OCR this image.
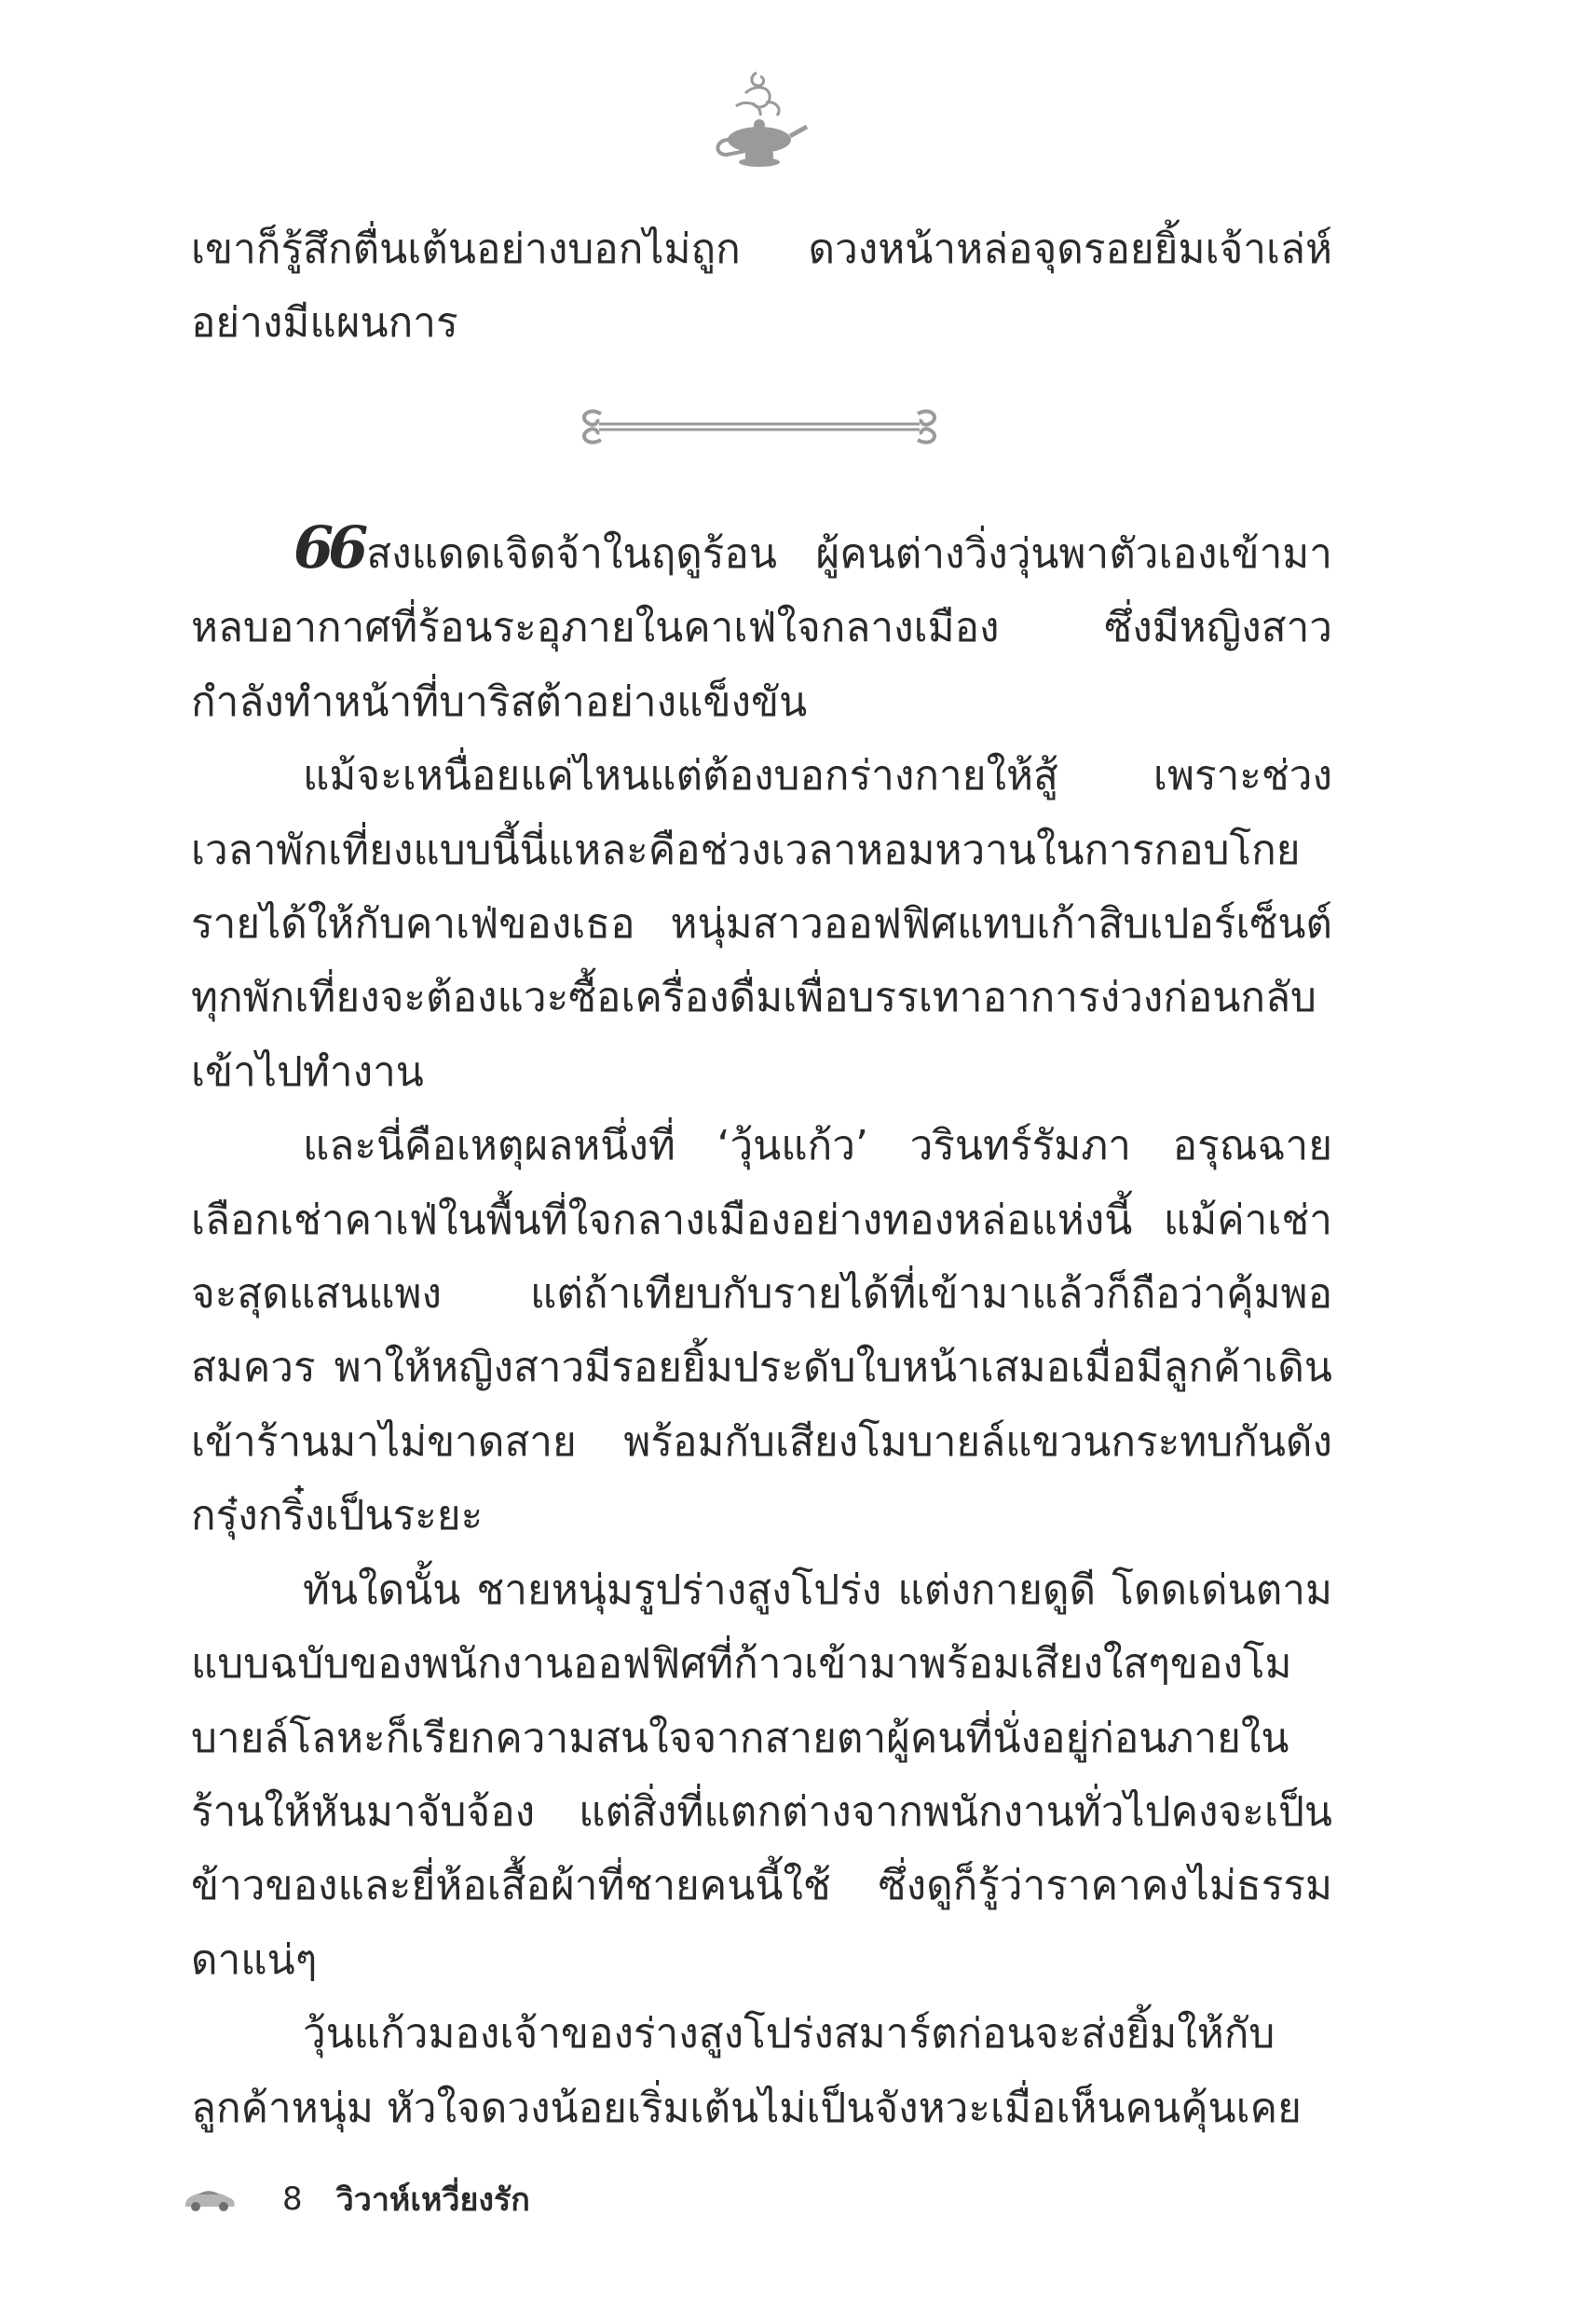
เขาก็รู้สึกตื่นเต้นอย่างบอกไม่ถูก ดวงหน้าหล่อจุดรอยยิ้มเจ้าเล่ห์อย่างมีแผนการ

66สงแดดเจิดจ้าในฤดูร้อน ผู้คนต่างวิ่งวุ่นพาตัวเองเข้ามาหลบอากาศที่ร้อนระอุภายในคาเฟ่ใจกลางเมือง ซึ่งมีหญิงสาวกำลังทำหน้าที่บาริสต้าอย่างแข็งขัน

แม้จะเหนื่อยแค่ไหนแต่ต้องบอกร่างกายให้สู้ เพราะช่วงเวลาพักเที่ยงแบบนี้นี่แหละคือช่วงเวลาหอมหวานในการกอบโกยรายได้ให้กับคาเฟ่ของเธอ หนุ่มสาวออฟฟิศแทบเก้าสิบเปอร์เซ็นต์ทุกพักเที่ยงจะต้องแวะซื้อเครื่องดื่มเพื่อบรรเทาอาการง่วงก่อนกลับเข้าไปทำงาน

และนี่คือเหตุผลหนึ่งที่ ‘วุ้นแก้ว’ วรินทร์รัมภา อรุณฉายเลือกเช่าคาเฟ่ในพื้นที่ใจกลางเมืองอย่างทองหล่อแห่งนี้ แม้ค่าเช่าจะสุดแสนแพง แต่ถ้าเทียบกับรายได้ที่เข้ามาแล้วก็ถือว่าคุ้มพอสมควร พาให้หญิงสาวมีรอยยิ้มประดับใบหน้าเสมอเมื่อมีลูกค้าเดินเข้าร้านมาไม่ขาดสาย พร้อมกับเสียงโมบายล์แขวนกระทบกันดังกรุ๋งกริ๋งเป็นระยะ

ทันใดนั้น ชายหนุ่มรูปร่างสูงโปร่ง แต่งกายดูดี โดดเด่นตามแบบฉบับของพนักงานออฟฟิศที่ก้าวเข้ามาพร้อมเสียงใสๆของโมบายล์โลหะก็เรียกความสนใจจากสายตาผู้คนที่นั่งอยู่ก่อนภายในร้านให้หันมาจับจ้อง แต่สิ่งที่แตกต่างจากพนักงานทั่วไปคงจะเป็นข้าวของและยี่ห้อเสื้อผ้าที่ชายคนนี้ใช้ ซึ่งดูก็รู้ว่าราคาคงไม่ธรรมดาแน่ๆ

วุ้นแก้วมองเจ้าของร่างสูงโปร่งสมาร์ตก่อนจะส่งยิ้มให้กับลูกค้าหนุ่ม หัวใจดวงน้อยเริ่มเต้นไม่เป็นจังหวะเมื่อเห็นคนคุ้นเคย

8 วิวาห์เหวี่ยงรัก
